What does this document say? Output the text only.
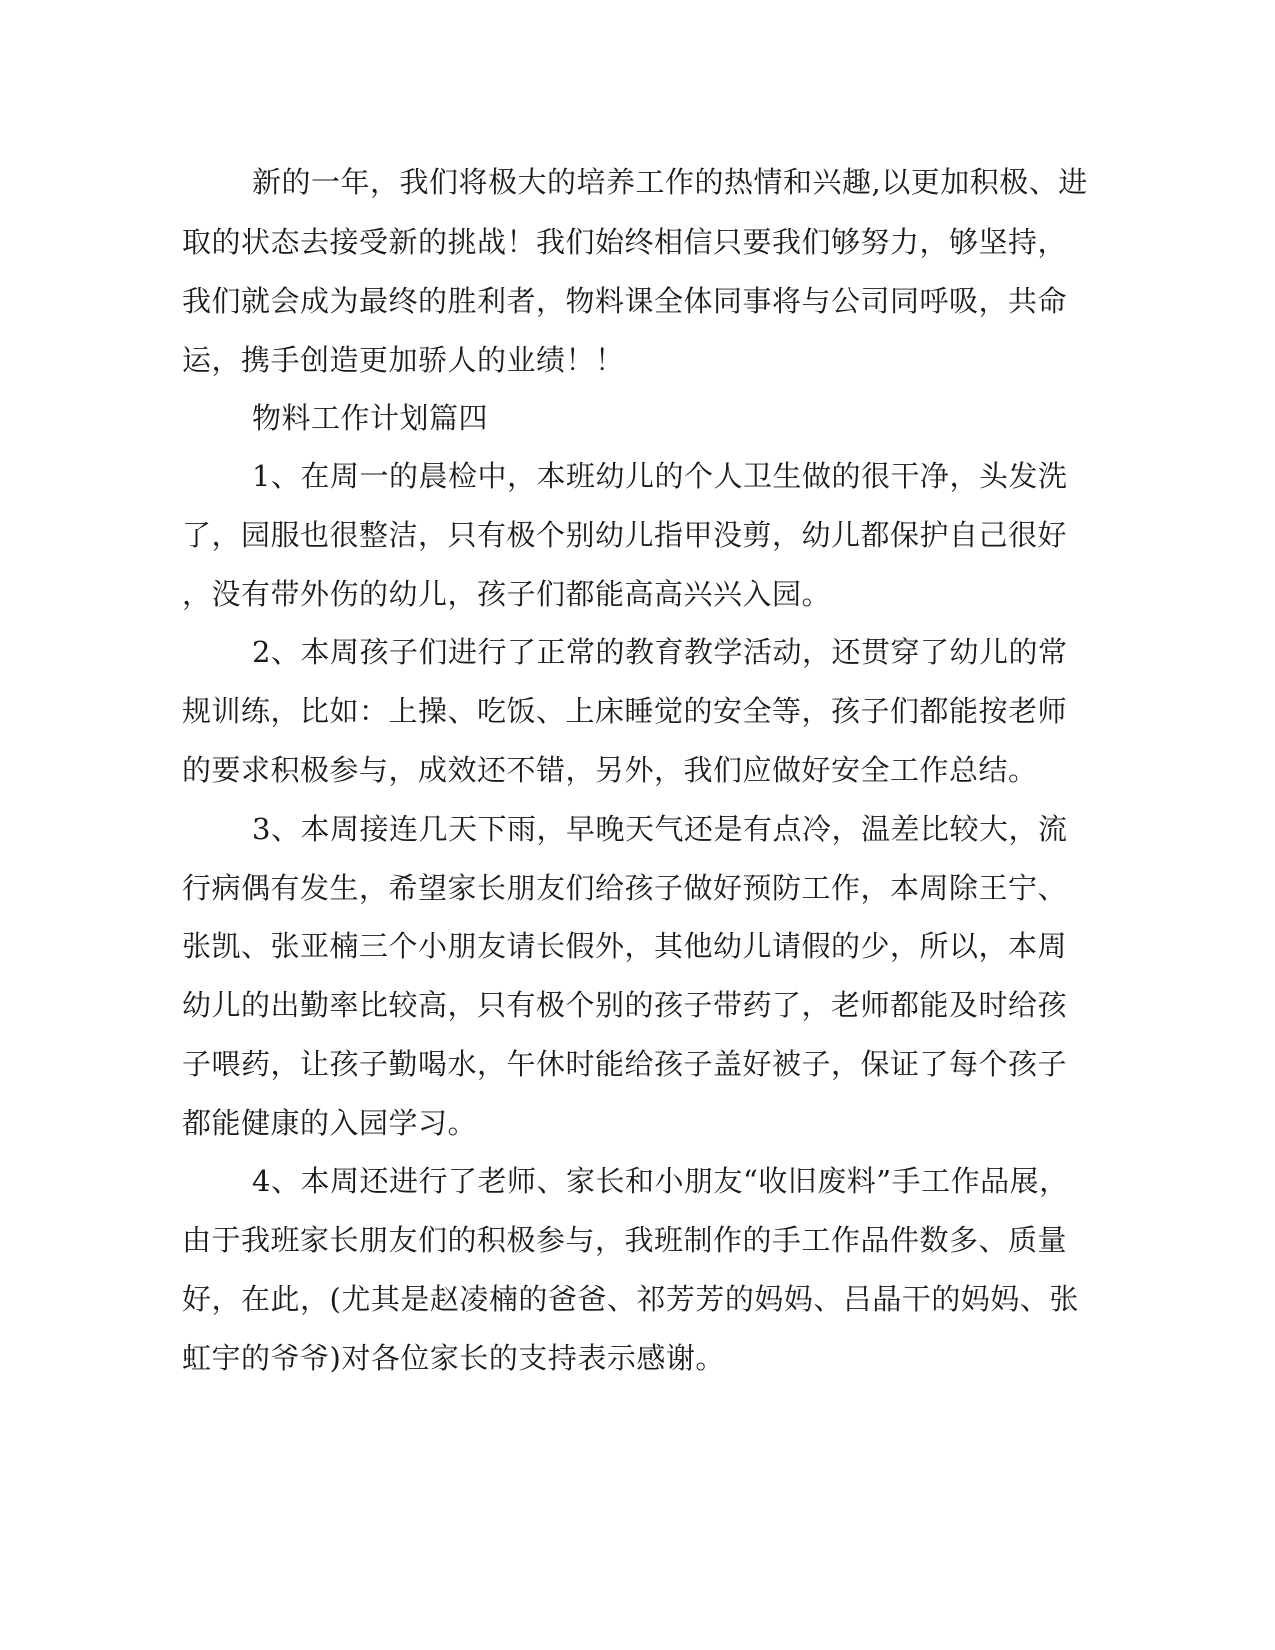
新的一年，我们将极大的培养工作的热情和兴趣,以更加积极、进
取的状态去接受新的挑战！我们始终相信只要我们够努力，够坚持，
我们就会成为最终的胜利者，物料课全体同事将与公司同呼吸，共命
运，携手创造更加骄人的业绩！！
物料工作计划篇四
1、在周一的晨检中，本班幼儿的个人卫生做的很干净，头发洗
了，园服也很整洁，只有极个别幼儿指甲没剪，幼儿都保护自己很好
，没有带外伤的幼儿，孩子们都能高高兴兴入园。
2、本周孩子们进行了正常的教育教学活动，还贯穿了幼儿的常
规训练，比如：上操、吃饭、上床睡觉的安全等，孩子们都能按老师
的要求积极参与，成效还不错，另外，我们应做好安全工作总结。
3、本周接连几天下雨，早晚天气还是有点冷，温差比较大，流
行病偶有发生，希望家长朋友们给孩子做好预防工作，本周除王宁、
张凯、张亚楠三个小朋友请长假外，其他幼儿请假的少，所以，本周
幼儿的出勤率比较高，只有极个别的孩子带药了，老师都能及时给孩
子喂药，让孩子勤喝水，午休时能给孩子盖好被子，保证了每个孩子
都能健康的入园学习。
4、本周还进行了老师、家长和小朋友“收旧废料”手工作品展，
由于我班家长朋友们的积极参与，我班制作的手工作品件数多、质量
好，在此，(尤其是赵凌楠的爸爸、祁芳芳的妈妈、吕晶干的妈妈、张
虹宇的爷爷)对各位家长的支持表示感谢。
